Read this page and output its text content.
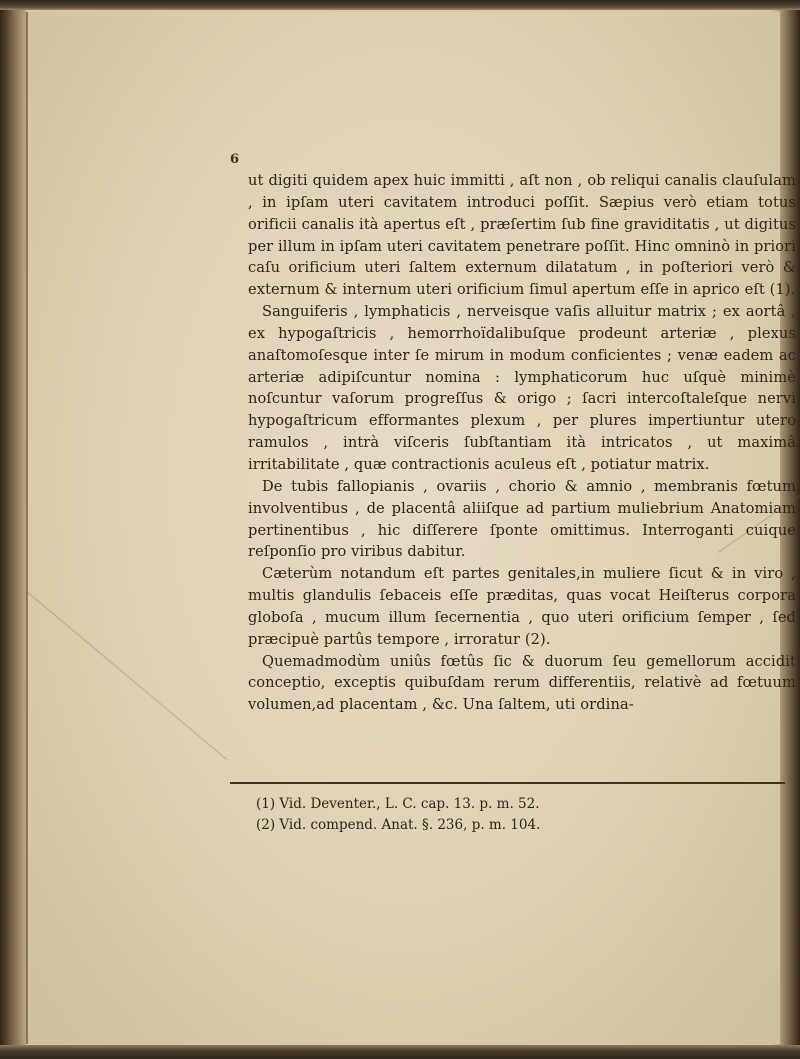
6

ut digiti quidem apex huic immitti , aſt non , ob reliqui canalis clauſulam , in ipſam uteri cavitatem introduci poſſit. Sæpius verò etiam totus orificii canalis ità apertus eſt , præſertim ſub fine graviditatis , ut digitus per illum in ipſam uteri cavitatem penetrare poſſit. Hinc omninò in priori caſu orificium uteri ſaltem externum dilatatum , in poſteriori verò & externum & internum uteri orificium ſimul apertum eſſe in aprico eſt (1).

Sanguiferis , lymphaticis , nerveisque vaſis alluitur matrix ; ex aortâ , ex hypogaſtricis , hemorrhoïdalibuſque prodeunt arteriæ , plexus anaſtomoſesque inter ſe mirum in modum conficientes ; venæ eadem ac arteriæ adipiſcuntur nomina : lymphaticorum huc uſquè minimè noſcuntur vaſorum progreſſus & origo ; ſacri intercoſtaleſque nervi hypogaſtricum efformantes plexum , per plures impertiuntur utero ramulos , intrà viſceris ſubſtantiam ità intricatos , ut maximâ irritabilitate , quæ contractionis aculeus eſt , potiatur matrix.

De tubis fallopianis , ovariis , chorio & amnio , membranis fœtum involventibus , de placentâ aliiſque ad partium muliebrium Anatomiam pertinentibus , hic diſſerere ſponte omittimus. Interroganti cuique reſponſio pro viribus dabitur.

Cæterùm notandum eſt partes genitales,in muliere ſicut & in viro , multis glandulis ſebaceis eſſe præditas, quas vocat Heiſterus corpora globoſa , mucum illum ſecernentia , quo uteri orificium ſemper , ſed præcipuè partûs tempore , irroratur (2).

Quemadmodùm uniûs fœtûs ſic & duorum ſeu gemellorum accidit conceptio, exceptis quibuſdam rerum differentiis, relativè ad fœtuum volumen,ad placentam , &c. Una ſaltem, uti ordina-

(1) Vid. Deventer., L. C. cap. 13. p. m. 52.
(2) Vid. compend. Anat. §. 236, p. m. 104.
